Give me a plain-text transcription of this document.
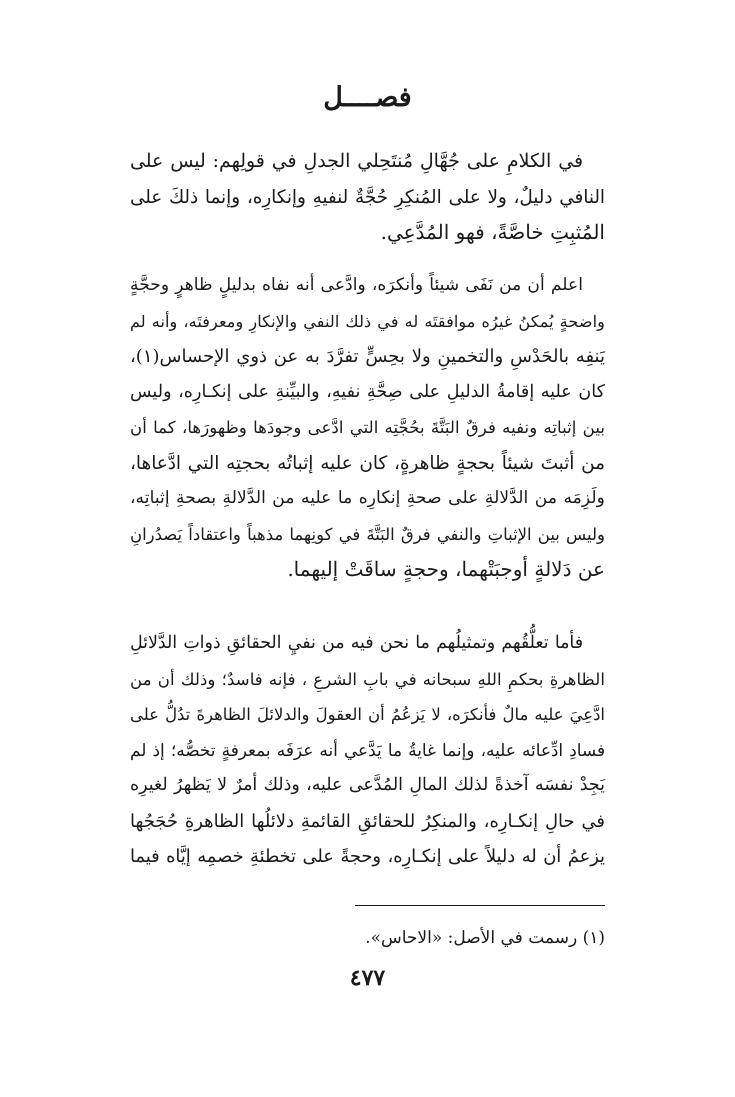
فصــــل
في الكلامِ على جُهَّالِ مُنتَحِلي الجدلِ في قولِهم: ليس على
النافي دليلٌ، ولا على المُنكِرِ حُجَّةٌ لنفيهِ وإنكارِه، وإنما ذلكَ على
المُثبِتِ خاصَّةً، فهو المُدَّعِي.
اعلم أن من نَفَى شيئاً وأنكرَه، وادَّعى أنه نفاه بدليلٍ ظاهرٍ وحجَّةٍ
واضحةٍ يُمكنُ غيرُه موافقتَه له في ذلك النفي والإنكارِ ومعرفتَه، وأنه لم
يَنفِه بالحَدْسِ والتخمينِ ولا بحِسٍّ تفرَّدَ به عن ذوي الإحساس(١)،
كان عليه إقامةُ الدليلِ على صِحَّةِ نفيهِ، والبيِّنةِ على إنكـارِه، وليس
بين إثباتِه ونفيه فرقٌ البَتَّةَ بحُجَّتِه التي ادَّعى وجودَها وظهورَها، كما أن
من أثبتَ شيئاً بحجةٍ ظاهرةٍ، كان عليه إثباتُه بحجتِه التي ادَّعاها،
ولَزِمَه من الدَّلالةِ على صحةِ إنكارِه ما عليه من الدَّلالةِ بصحةِ إثباتِه،
وليس بين الإثباتِ والنفي فرقٌ البَتَّةَ في كونِهما مذهباً واعتقاداً يَصدُرانِ
عن دَلالةٍ أوجبَتْهما، وحجةٍ ساقَتْ إليهما.
فأما تعلُّقُهم وتمثيلُهم ما نحن فيه من نفيِ الحقائقِ ذواتِ الدَّلائلِ
الظاهرةِ بحكمِ اللهِ سبحانه في بابِ الشرعِ ، فإنه فاسدٌ؛ وذلك أن من
ادَّعِيَ عليه مالٌ فأنكرَه، لا يَزعُمُ أن العقولَ والدلائلَ الظاهرةَ تدُلُّ على
فسادِ ادِّعائه عليه، وإنما غايةُ ما يَدَّعي أنه عرَفَه بمعرفةٍ تخصُّه؛ إذ لم
يَجِدْ نفسَه آخذةً لذلك المالِ المُدَّعى عليه، وذلك أمرٌ لا يَظهرُ لغيرِه
في حالِ إنكـارِه، والمنكِرُ للحقائقِ القائمةِ دلائلُها الظاهرةِ حُجَجُها
يزعمُ أن له دليلاً على إنكـارِه، وحجةً على تخطئةِ خصمِه إيَّاه فيما
(١) رسمت في الأصل: «الاحاس».
٤٧٧
